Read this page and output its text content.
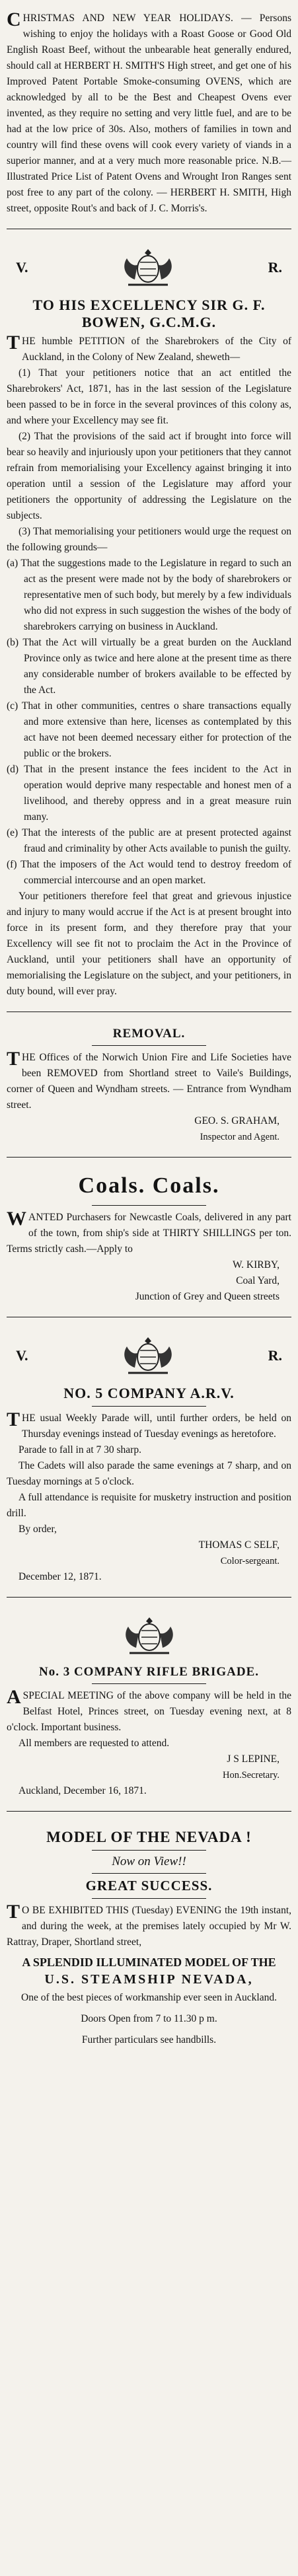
CHRISTMAS AND NEW YEAR HOLIDAYS. — Persons wishing to enjoy the holidays with a Roast Goose or Good Old English Roast Beef, without the unbearable heat generally endured, should call at HERBERT H. SMITH'S High street, and get one of his Improved Patent Portable Smoke-consuming OVENS, which are acknowledged by all to be the Best and Cheapest Ovens ever invented, as they require no setting and very little fuel, and are to be had at the low price of 30s. Also, mothers of families in town and country will find these ovens will cook every variety of viands in a superior manner, and at a very much more reasonable price. N.B.—Illustrated Price List of Patent Ovens and Wrought Iron Ranges sent post free to any part of the colony. — HERBERT H. SMITH, High street, opposite Rout's and back of J. C. Morris's.

V.	R.
TO HIS EXCELLENCY SIR G. F. BOWEN, G.C.M.G.

THE humble PETITION of the Sharebrokers of the City of Auckland, in the Colony of New Zealand, sheweth—

(1) That your petitioners notice that an act entitled the Sharebrokers' Act, 1871, has in the last session of the Legislature been passed to be in force in the several provinces of this colony as, and where your Excellency may see fit.

(2) That the provisions of the said act if brought into force will bear so heavily and injuriously upon your petitioners that they cannot refrain from memorialising your Excellency against bringing it into operation until a session of the Legislature may afford your petitioners the opportunity of addressing the Legislature on the subjects.

(3) That memorialising your petitioners would urge the request on the following grounds—

(a) That the suggestions made to the Legislature in regard to such an act as the present were made not by the body of sharebrokers or representative men of such body, but merely by a few individuals who did not express in such suggestion the wishes of the body of sharebrokers carrying on business in Auckland.

(b) That the Act will virtually be a great burden on the Auckland Province only as twice and here alone at the present time as there any considerable number of brokers available to be effected by the Act.

(c) That in other communities, centres o share transactions equally and more extensive than here, licenses as contemplated by this act have not been deemed necessary either for protection of the public or the brokers.

(d) That in the present instance the fees incident to the Act in operation would deprive many respectable and honest men of a livelihood, and thereby oppress and in a great measure ruin many.

(e) That the interests of the public are at present protected against fraud and criminality by other Acts available to punish the guilty.

(f) That the imposers of the Act would tend to destroy freedom of commercial intercourse and an open market.

Your petitioners therefore feel that great and grievous injustice and injury to many would accrue if the Act is at present brought into force in its present form, and they therefore pray that your Excellency will see fit not to proclaim the Act in the Province of Auckland, until your petitioners shall have an opportunity of memorialising the Legislature on the subject, and your petitioners, in duty bound, will ever pray.

REMOVAL.

THE Offices of the Norwich Union Fire and Life Societies have been REMOVED from Shortland street to Vaile's Buildings, corner of Queen and Wyndham streets. — Entrance from Wyndham street.

GEO. S. GRAHAM,

Inspector and Agent.

Coals. Coals.

WANTED Purchasers for Newcastle Coals, delivered in any part of the town, from ship's side at THIRTY SHILLINGS per ton. Terms strictly cash.—Apply to

W. KIRBY,

Coal Yard,

Junction of Grey and Queen streets

V.	R.
NO. 5 COMPANY A.R.V.

THE usual Weekly Parade will, until further orders, be held on Thursday evenings instead of Tuesday evenings as heretofore.

Parade to fall in at 7 30 sharp.

The Cadets will also parade the same evenings at 7 sharp, and on Tuesday mornings at 5 o'clock.

A full attendance is requisite for musketry instruction and position drill.

By order,

THOMAS C SELF,

Color-sergeant.

December 12, 1871.

No. 3 COMPANY RIFLE BRIGADE.

ASPECIAL MEETING of the above company will be held in the Belfast Hotel, Princes street, on Tuesday evening next, at 8 o'clock. Important business.

All members are requested to attend.

J S LEPINE,

Hon.Secretary.

Auckland, December 16, 1871.

MODEL OF THE NEVADA !
Now on View!!
GREAT SUCCESS.

TO BE EXHIBITED THIS (Tuesday) EVENING the 19th instant, and during the week, at the premises lately occupied by Mr W. Rattray, Draper, Shortland street,

A SPLENDID ILLUMINATED MODEL OF THE
U.S. STEAMSHIP NEVADA,

One of the best pieces of workmanship ever seen in Auckland.

Doors Open from 7 to 11.30 p m.

Further particulars see handbills.
